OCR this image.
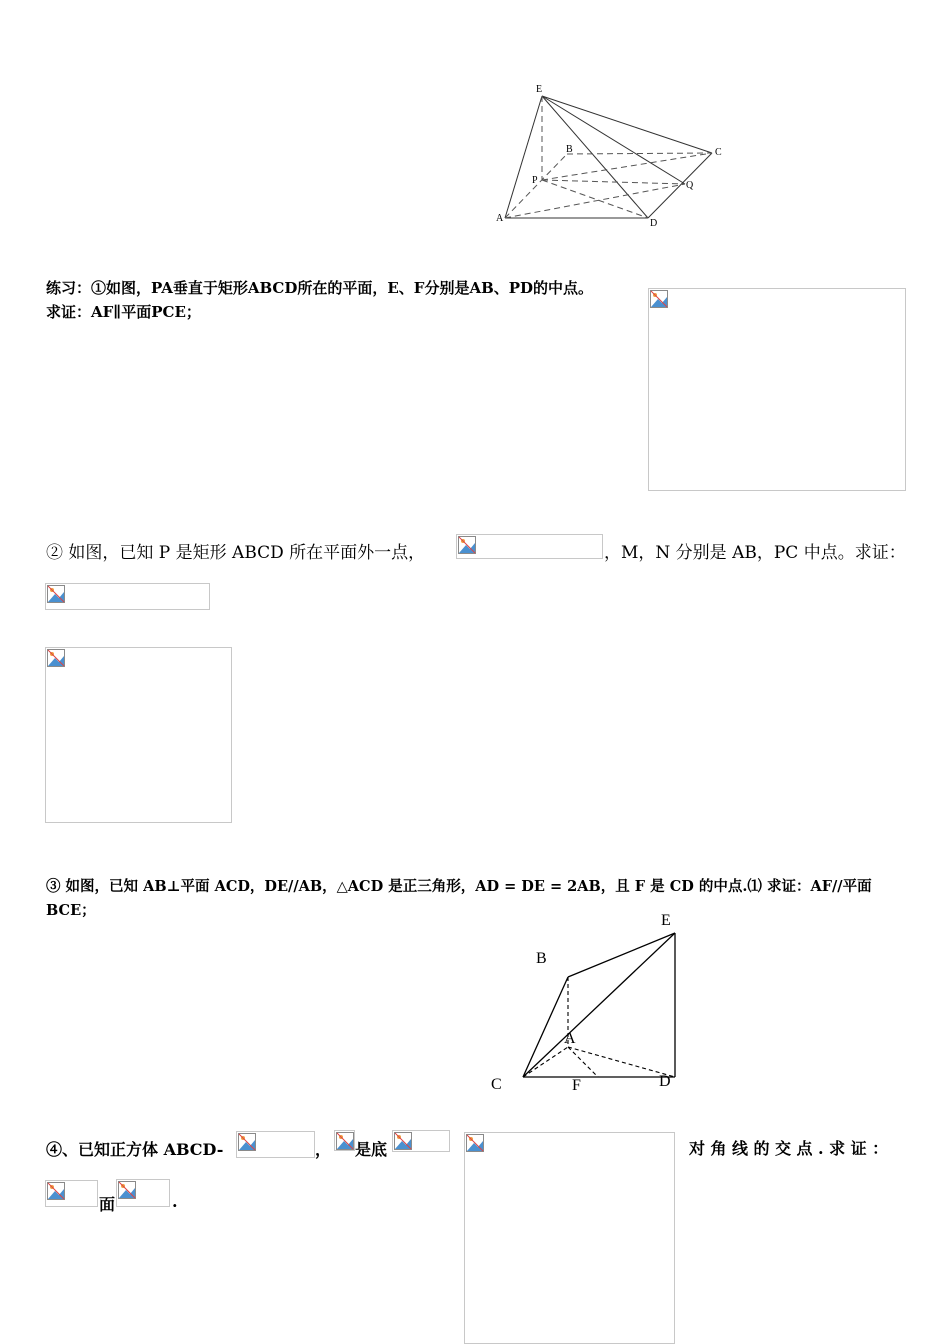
E
B	C
P	Q
A	D
练习：①如图，PA垂直于矩形ABCD所在的平面，E、F分别是AB、PD的中点。
求证：AF∥平面PCE；
② 如图，已知 P 是矩形 ABCD 所在平面外一点，	，M，N 分别是 AB，PC 中点。求证：
③ 如图，已知 AB⊥平面 ACD，DE//AB，△ACD 是正三角形，AD = DE = 2AB，且 F 是 CD 的中点.⑴ 求证：AF//平面
BCE；
E
B
A
C	F	D
④、已知正方体 ABCD-	， 是底	对角线的交点.求证：
面	.
